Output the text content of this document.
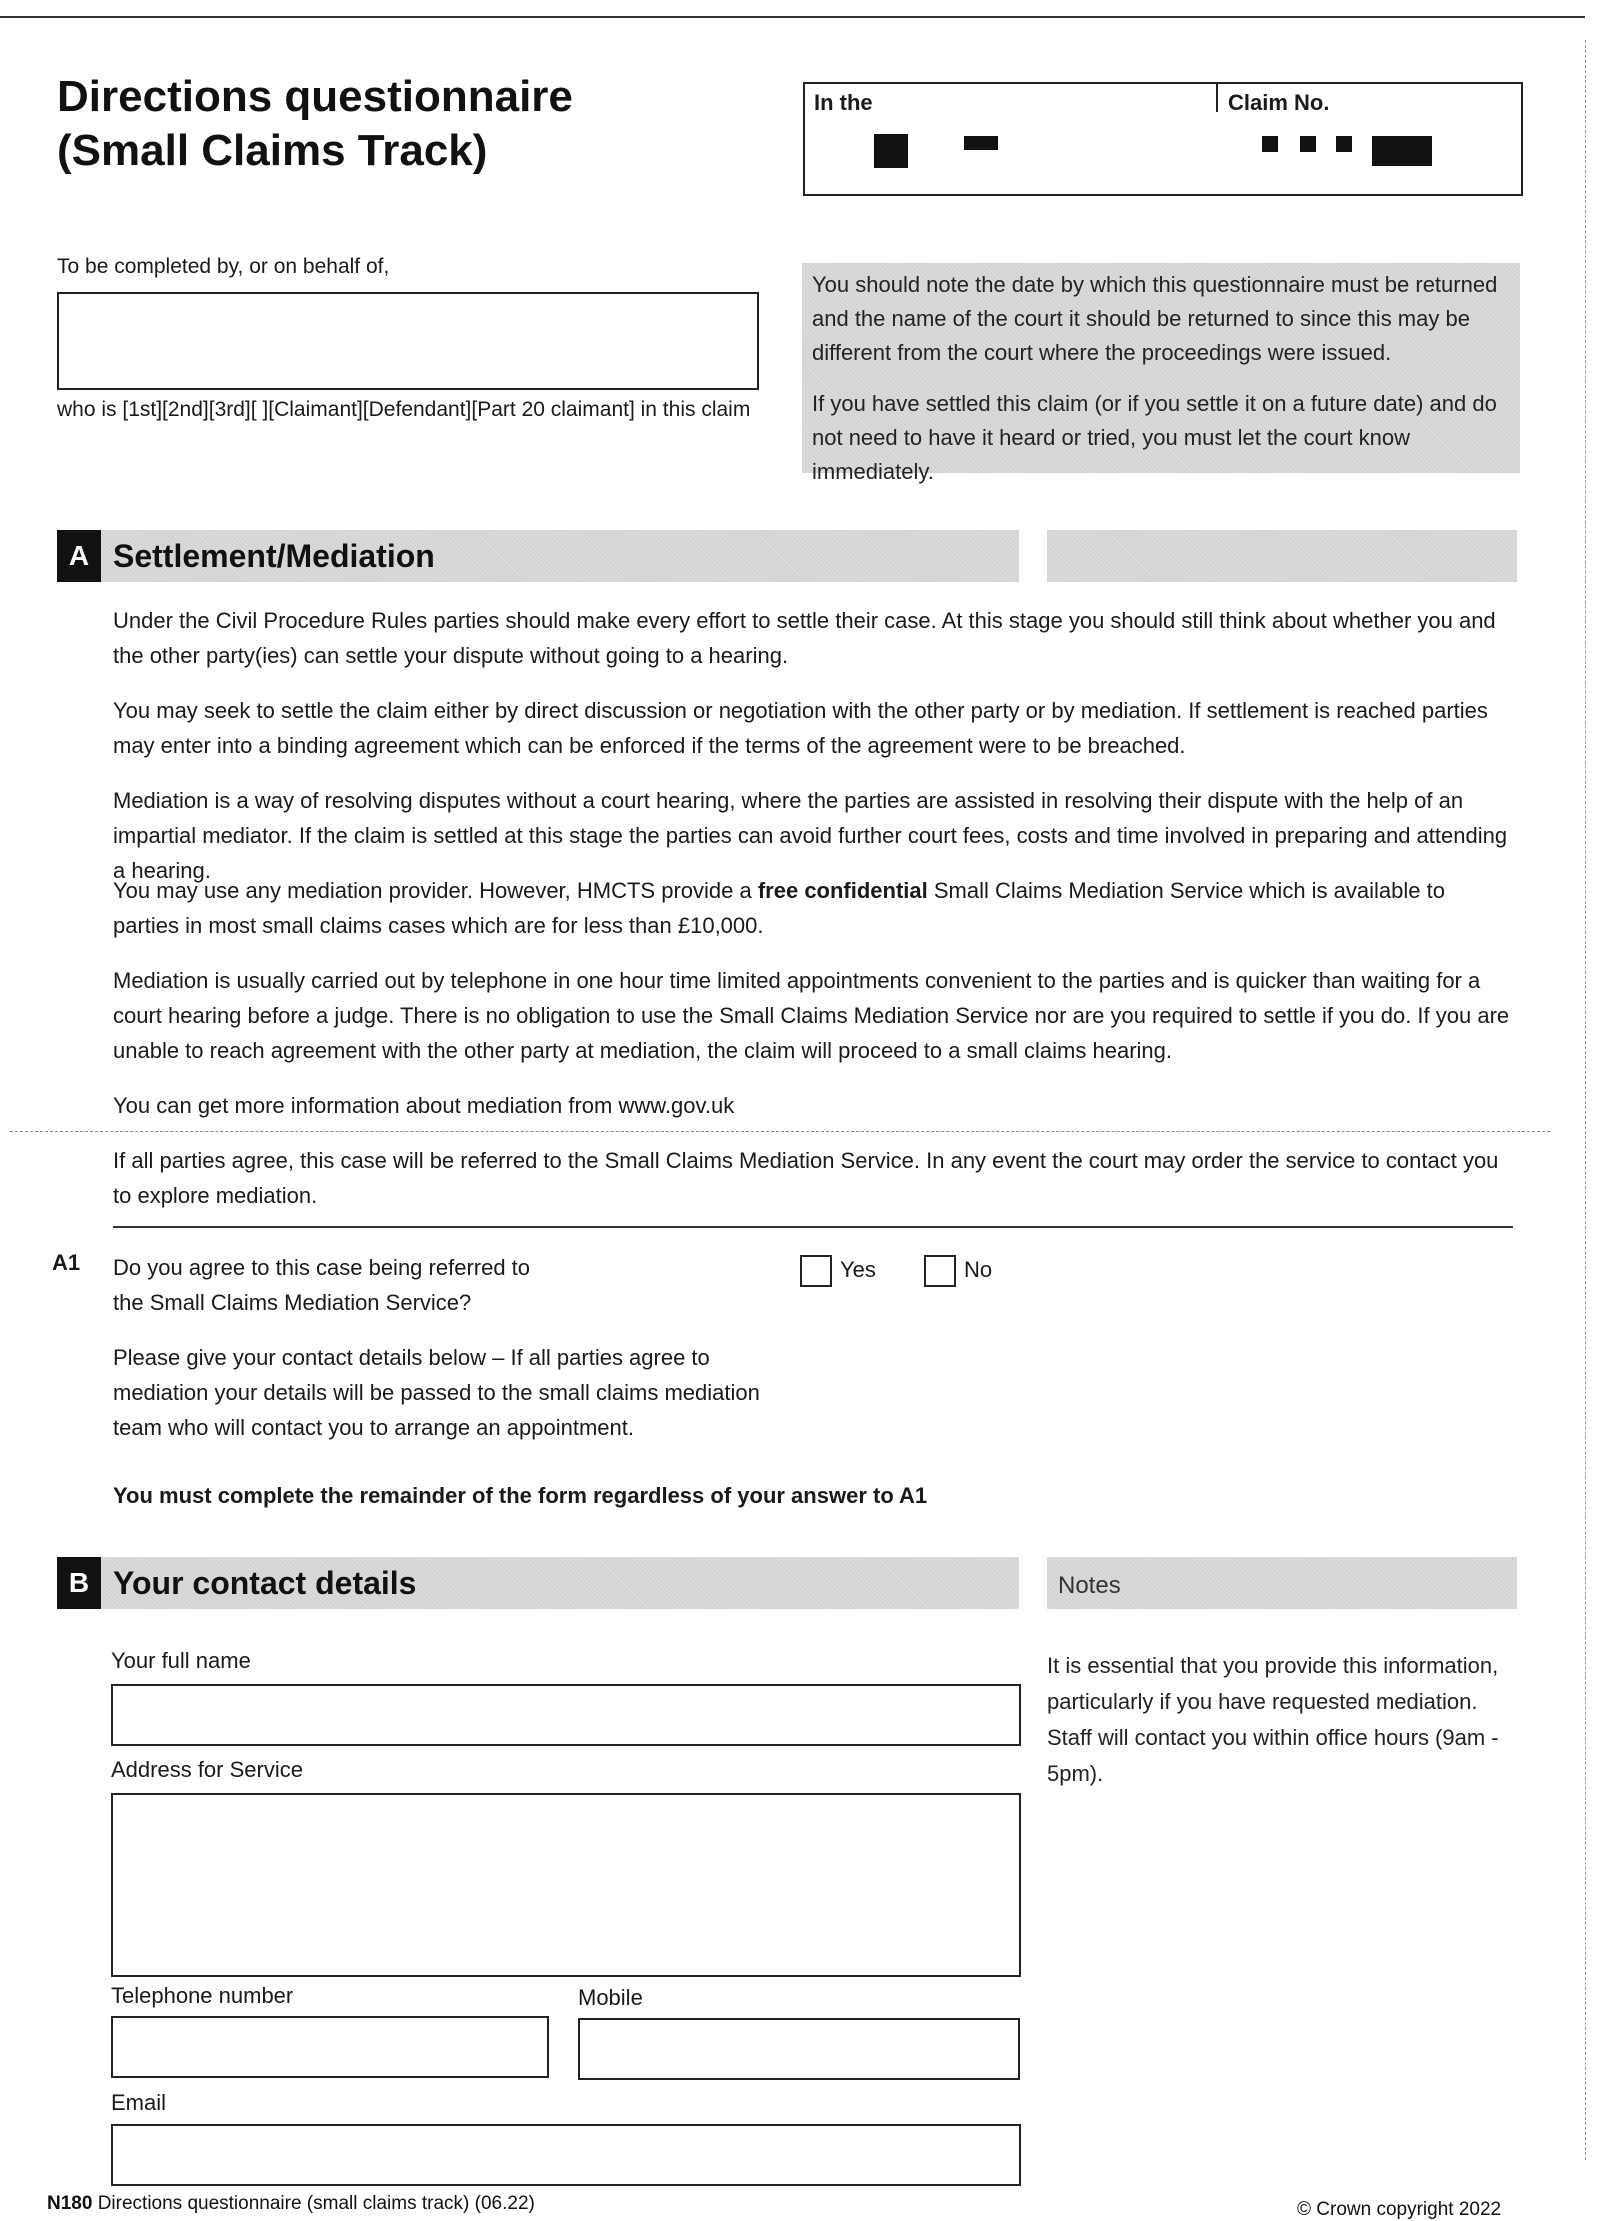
Directions questionnaire
(Small Claims Track)
In the	Claim No.
To be completed by, or on behalf of,
who is [1st][2nd][3rd][ ][Claimant][Defendant][Part 20 claimant] in this claim
You should note the date by which this questionnaire must be returned and the name of the court it should be returned to since this may be different from the court where the proceedings were issued.
If you have settled this claim (or if you settle it on a future date) and do not need to have it heard or tried, you must let the court know immediately.
A Settlement/Mediation
Under the Civil Procedure Rules parties should make every effort to settle their case. At this stage you should still think about whether you and the other party(ies) can settle your dispute without going to a hearing.
You may seek to settle the claim either by direct discussion or negotiation with the other party or by mediation. If settlement is reached parties may enter into a binding agreement which can be enforced if the terms of the agreement were to be breached.
Mediation is a way of resolving disputes without a court hearing, where the parties are assisted in resolving their dispute with the help of an impartial mediator. If the claim is settled at this stage the parties can avoid further court fees, costs and time involved in preparing and attending a hearing.
You may use any mediation provider. However, HMCTS provide a free confidential Small Claims Mediation Service which is available to parties in most small claims cases which are for less than £10,000.
Mediation is usually carried out by telephone in one hour time limited appointments convenient to the parties and is quicker than waiting for a court hearing before a judge. There is no obligation to use the Small Claims Mediation Service nor are you required to settle if you do. If you are unable to reach agreement with the other party at mediation, the claim will proceed to a small claims hearing.
You can get more information about mediation from www.gov.uk
If all parties agree, this case will be referred to the Small Claims Mediation Service. In any event the court may order the service to contact you to explore mediation.
A1 Do you agree to this case being referred to the Small Claims Mediation Service?
Yes	No
Please give your contact details below – If all parties agree to mediation your details will be passed to the small claims mediation team who will contact you to arrange an appointment.
You must complete the remainder of the form regardless of your answer to A1
B Your contact details	Notes
It is essential that you provide this information, particularly if you have requested mediation. Staff will contact you within office hours (9am - 5pm).
Your full name
Address for Service
Telephone number	Mobile
Email
N180 Directions questionnaire (small claims track) (06.22)	© Crown copyright 2022
